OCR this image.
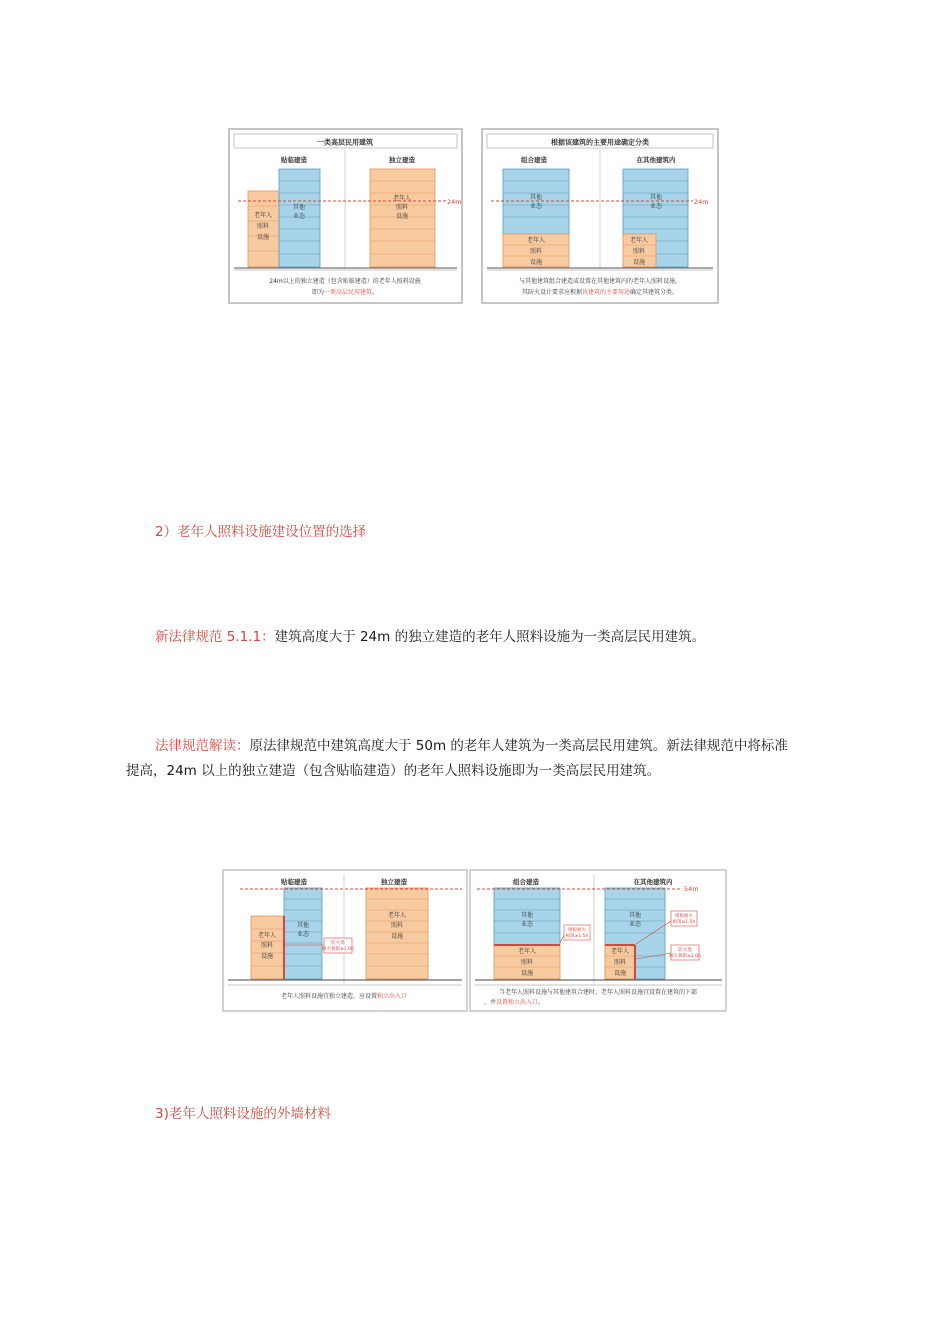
一类高层民用建筑
贴临建造	独立建造
老年人
照料
设施
其他
业态
老年人
照料
设施
24m
24m以上的独立建造（包含贴临建造）的老年人照料设施
即为一类高层民用建筑。
根据该建筑的主要用途确定分类
组合建造	在其他建筑内
其他
业态
老年人
照料
设施
其他
业态
老年人
照料
设施
24m
与其他建筑组合建造或设置在其他建筑内的老年人照料设施，
其防火设计要求应根据该建筑的主要用途确定其建筑分类。
2）老年人照料设施建设位置的选择
新法律规范 5.1.1：建筑高度大于 24m 的独立建造的老年人照料设施为一类高层民用建筑。
法律规范解读：原法律规范中建筑高度大于 50m 的老年人建筑为一类高层民用建筑。新法律规范中将标准
提高，24m 以上的独立建造（包含贴临建造）的老年人照料设施即为一类高层民用建筑。
贴临建造	独立建造
老年人
照料
设施
其他
业态
防火墙
耐火极限≥2.0h
老年人
照料
设施
老年人照料设施宜独立建造，应设置独立出入口
组合建造	在其他建筑内
其他
业态
老年人
照料
设施
楼板耐火
极限≥1.5h
其他
业态
老年人
照料
设施
楼板耐火
极限≥1.5h
防火墙
耐火极限≥2.0h
54m
当老年人照料设施与其他建筑合建时，老年人照料设施宜设置在建筑的下部
，并设置独立出入口。
3)老年人照料设施的外墙材料
